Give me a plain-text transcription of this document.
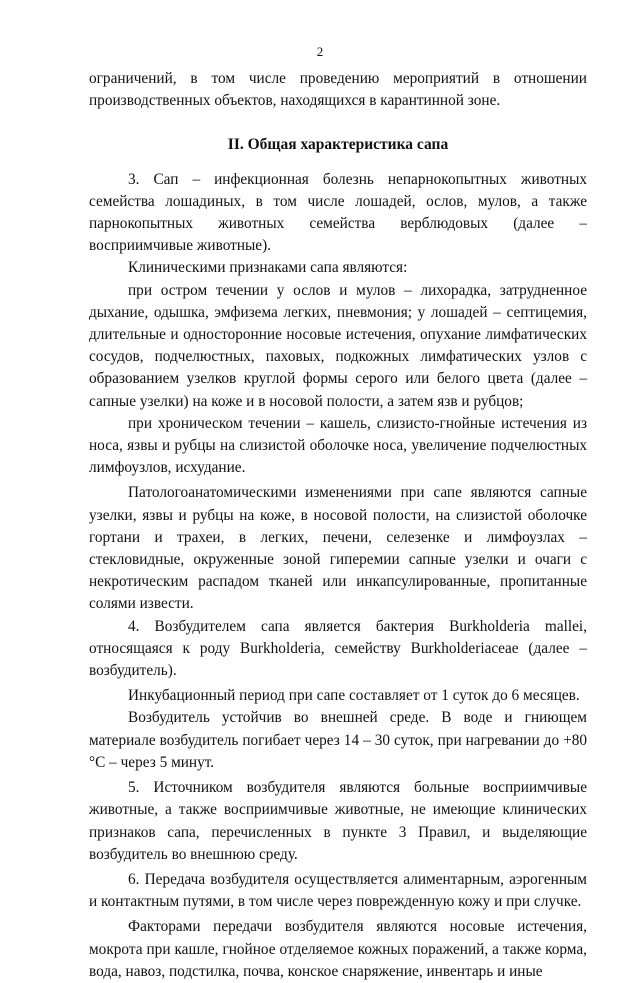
2

ограничений, в том числе проведению мероприятий в отношении производственных объектов, находящихся в карантинной зоне.

II. Общая характеристика сапа

3. Сап – инфекционная болезнь непарнокопытных животных семейства лошадиных, в том числе лошадей, ослов, мулов, а также парнокопытных животных семейства верблюдовых (далее – восприимчивые животные).

Клиническими признаками сапа являются:

при остром течении у ослов и мулов – лихорадка, затрудненное дыхание, одышка, эмфизема легких, пневмония; у лошадей – септицемия, длительные и односторонние носовые истечения, опухание лимфатических сосудов, подчелюстных, паховых, подкожных лимфатических узлов с образованием узелков круглой формы серого или белого цвета (далее – сапные узелки) на коже и в носовой полости, а затем язв и рубцов;

при хроническом течении – кашель, слизисто-гнойные истечения из носа, язвы и рубцы на слизистой оболочке носа, увеличение подчелюстных лимфоузлов, исхудание.

Патологоанатомическими изменениями при сапе являются сапные узелки, язвы и рубцы на коже, в носовой полости, на слизистой оболочке гортани и трахеи, в легких, печени, селезенке и лимфоузлах – стекловидные, окруженные зоной гиперемии сапные узелки и очаги с некротическим распадом тканей или инкапсулированные, пропитанные солями извести.

4. Возбудителем сапа является бактерия Burkholderia mallei, относящаяся к роду Burkholderia, семейству Burkholderiaceae (далее – возбудитель).

Инкубационный период при сапе составляет от 1 суток до 6 месяцев.

Возбудитель устойчив во внешней среде. В воде и гниющем материале возбудитель погибает через 14 – 30 суток, при нагревании до +80 °С – через 5 минут.

5. Источником возбудителя являются больные восприимчивые животные, а также восприимчивые животные, не имеющие клинических признаков сапа, перечисленных в пункте 3 Правил, и выделяющие возбудитель во внешнюю среду.

6. Передача возбудителя осуществляется алиментарным, аэрогенным и контактным путями, в том числе через поврежденную кожу и при случке.

Факторами передачи возбудителя являются носовые истечения, мокрота при кашле, гнойное отделяемое кожных поражений, а также корма, вода, навоз, подстилка, почва, конское снаряжение, инвентарь и иные
